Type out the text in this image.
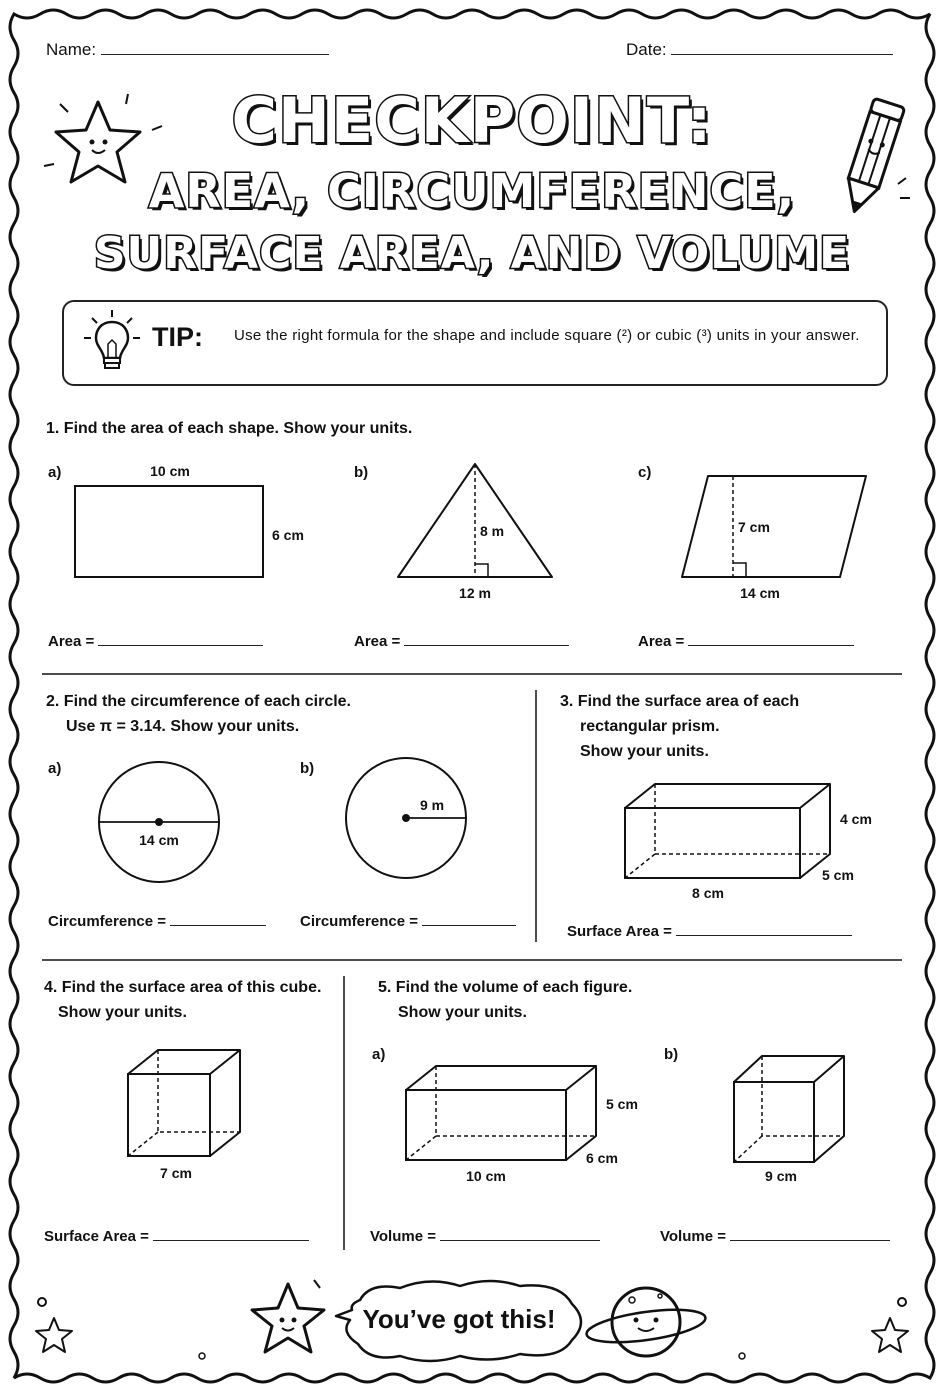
Name:	Date:
CHECKPOINT:
AREA, CIRCUMFERENCE,
SURFACE AREA, AND VOLUME
TIP: Use the right formula for the shape and include square (²) or cubic (³) units in your answer.
1. Find the area of each shape. Show your units.
a)	10 cm
6 cm
Area =
b)
8 m
12 m
Area =
c)
7 cm
14 cm
Area =
2. Find the circumference of each circle.
Use π = 3.14. Show your units.
a)
14 cm
Circumference =
b)
9 m
Circumference =
3. Find the surface area of each
rectangular prism.
Show your units.
4 cm
5 cm
8 cm
Surface Area =
4. Find the surface area of this cube.
Show your units.
7 cm
Surface Area =
5. Find the volume of each figure.
Show your units.
a)
5 cm
6 cm
10 cm
Volume =
b)
9 cm
Volume =
You’ve got this!
